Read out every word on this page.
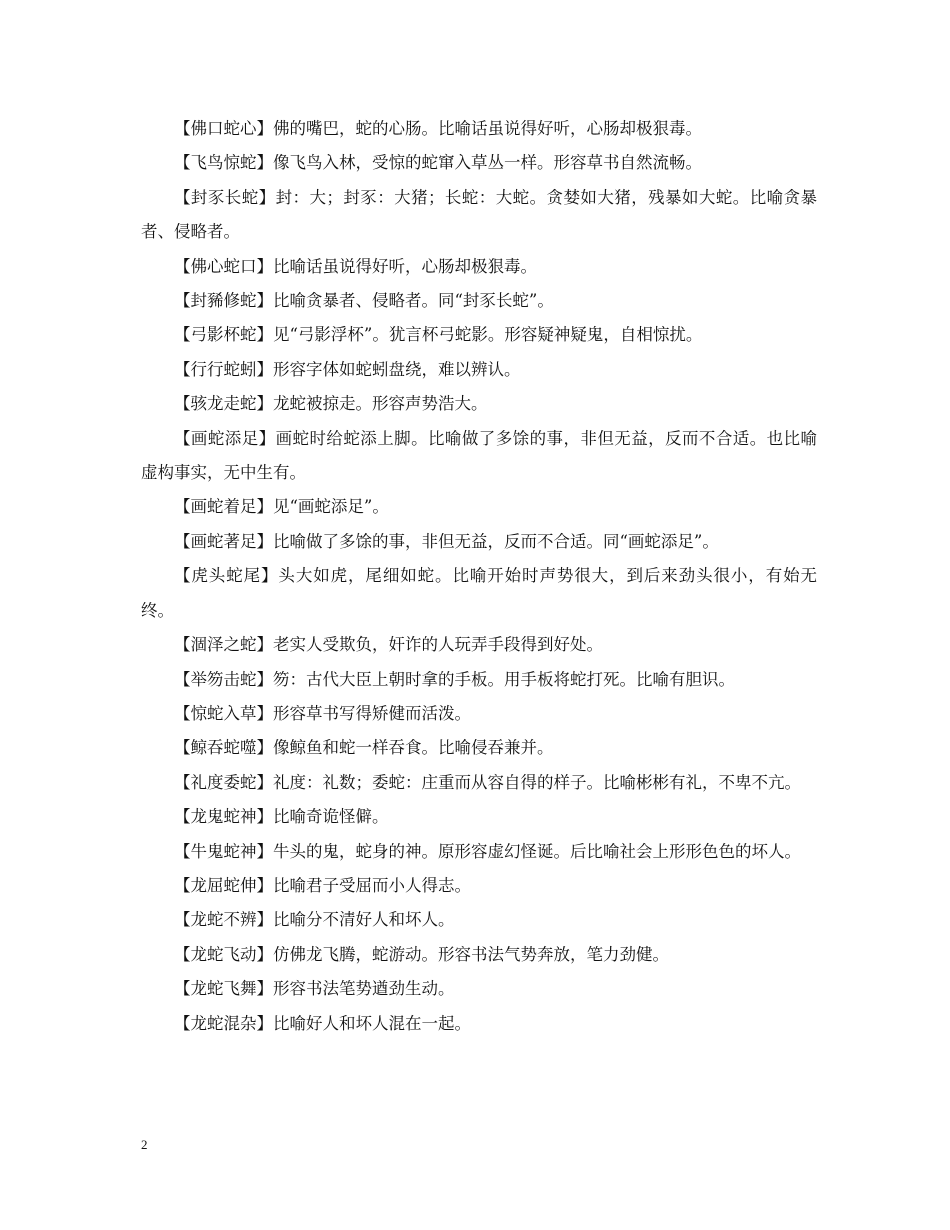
【佛口蛇心】佛的嘴巴，蛇的心肠。比喻话虽说得好听，心肠却极狠毒。

【飞鸟惊蛇】像飞鸟入林，受惊的蛇窜入草丛一样。形容草书自然流畅。

【封豕长蛇】封：大；封豕：大猪；长蛇：大蛇。贪婪如大猪，残暴如大蛇。比喻贪暴者、侵略者。

【佛心蛇口】比喻话虽说得好听，心肠却极狠毒。

【封豨修蛇】比喻贪暴者、侵略者。同“封豕长蛇”。

【弓影杯蛇】见“弓影浮杯”。犹言杯弓蛇影。形容疑神疑鬼，自相惊扰。

【行行蛇蚓】形容字体如蛇蚓盘绕，难以辨认。

【骇龙走蛇】龙蛇被掠走。形容声势浩大。

【画蛇添足】画蛇时给蛇添上脚。比喻做了多馀的事，非但无益，反而不合适。也比喻虚构事实，无中生有。

【画蛇着足】见“画蛇添足”。

【画蛇著足】比喻做了多馀的事，非但无益，反而不合适。同“画蛇添足”。

【虎头蛇尾】头大如虎，尾细如蛇。比喻开始时声势很大，到后来劲头很小，有始无终。

【涸泽之蛇】老实人受欺负，奸诈的人玩弄手段得到好处。

【举笏击蛇】笏：古代大臣上朝时拿的手板。用手板将蛇打死。比喻有胆识。

【惊蛇入草】形容草书写得矫健而活泼。

【鲸吞蛇噬】像鲸鱼和蛇一样吞食。比喻侵吞兼并。

【礼度委蛇】礼度：礼数；委蛇：庄重而从容自得的样子。比喻彬彬有礼，不卑不亢。

【龙鬼蛇神】比喻奇诡怪僻。

【牛鬼蛇神】牛头的鬼，蛇身的神。原形容虚幻怪诞。后比喻社会上形形色色的坏人。

【龙屈蛇伸】比喻君子受屈而小人得志。

【龙蛇不辨】比喻分不清好人和坏人。

【龙蛇飞动】仿佛龙飞腾，蛇游动。形容书法气势奔放，笔力劲健。

【龙蛇飞舞】形容书法笔势遒劲生动。

【龙蛇混杂】比喻好人和坏人混在一起。

2
